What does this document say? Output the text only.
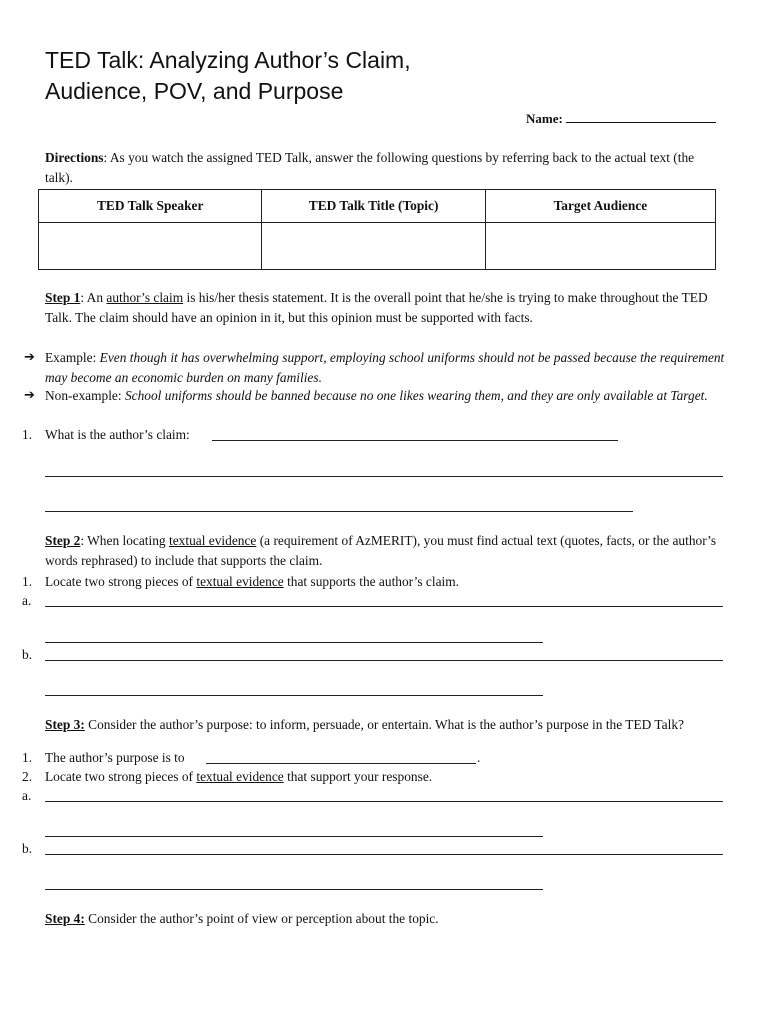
TED Talk: Analyzing Author’s Claim,
Audience, POV, and Purpose
Name:
Directions: As you watch the assigned TED Talk, answer the following questions by referring back to the actual text (the talk).
TED Talk Speaker	TED Talk Title (Topic)	Target Audience

Step 1: An author’s claim is his/her thesis statement. It is the overall point that he/she is trying to make throughout the TED Talk. The claim should have an opinion in it, but this opinion must be supported with facts.
➔ Example: Even though it has overwhelming support, employing school uniforms should not be passed because the requirement may become an economic burden on many families.
➔ Non-example: School uniforms should be banned because no one likes wearing them, and they are only available at Target.
1. What is the author’s claim:
Step 2: When locating textual evidence (a requirement of AzMERIT), you must find actual text (quotes, facts, or the author’s words rephrased) to include that supports the claim.
1. Locate two strong pieces of textual evidence that supports the author’s claim.
a.
b.
Step 3: Consider the author’s purpose: to inform, persuade, or entertain. What is the author’s purpose in the TED Talk?
1. The author’s purpose is to	.
2. Locate two strong pieces of textual evidence that support your response.
a.
b.
Step 4: Consider the author’s point of view or perception about the topic.
